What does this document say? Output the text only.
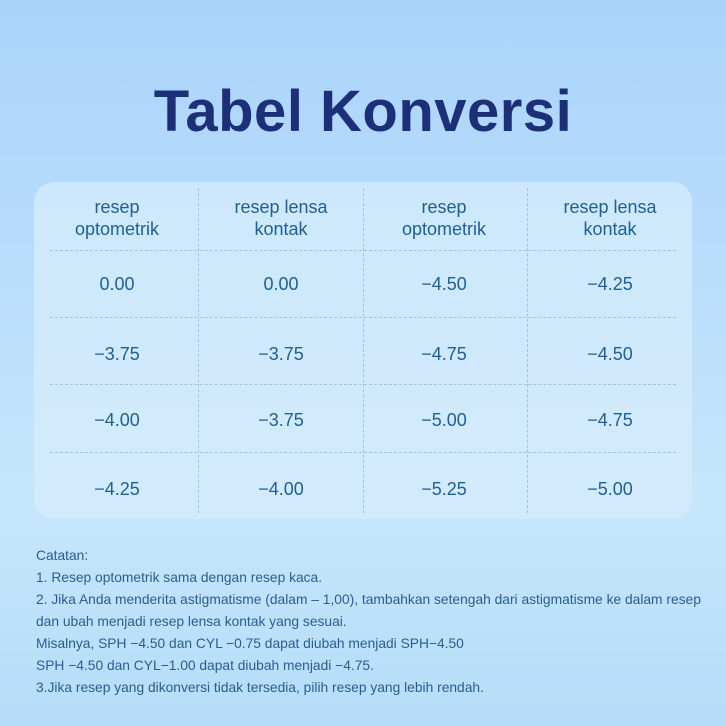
Tabel Konversi
resep
optometrik
0.00
−3.75
−4.00
−4.25
resep lensa
kontak
0.00
−3.75
−3.75
−4.00
resep
optometrik
−4.50
−4.75
−5.00
−5.25
resep lensa
kontak
−4.25
−4.50
−4.75
−5.00
Catatan:
1. Resep optometrik sama dengan resep kaca.
2. Jika Anda menderita astigmatisme (dalam – 1,00), tambahkan setengah dari astigmatisme ke dalam resep dan ubah menjadi resep lensa kontak yang sesuai.
Misalnya, SPH −4.50 dan CYL −0.75 dapat diubah menjadi SPH−4.50
SPH −4.50 dan CYL−1.00 dapat diubah menjadi −4.75.
3.Jika resep yang dikonversi tidak tersedia, pilih resep yang lebih rendah.
